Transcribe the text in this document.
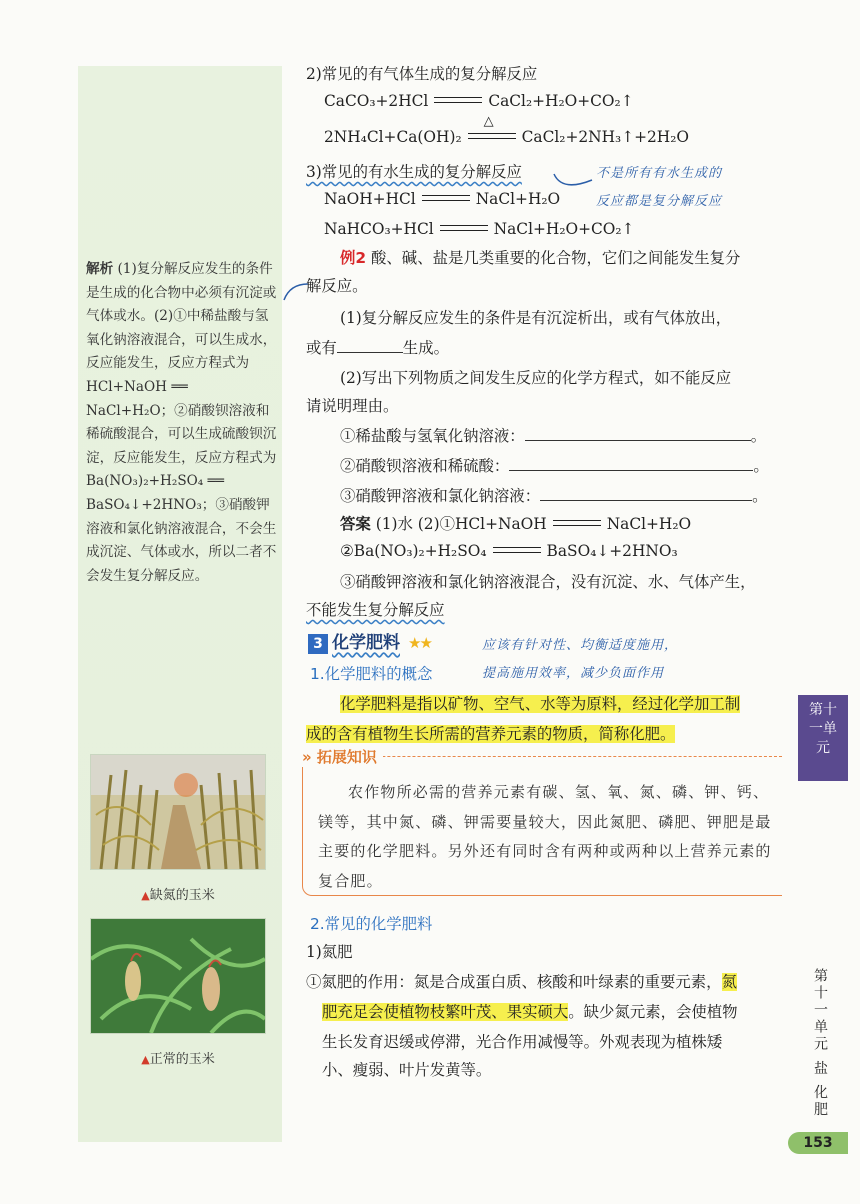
解析 (1)复分解反应发生的条件是生成的化合物中必须有沉淀或气体或水。(2)①中稀盐酸与氢氧化钠溶液混合，可以生成水，反应能发生，反应方程式为 HCl+NaOH ══ NaCl+H₂O；②硝酸钡溶液和稀硫酸混合，可以生成硫酸钡沉淀，反应能发生，反应方程式为 Ba(NO₃)₂+H₂SO₄ ══ BaSO₄↓+2HNO₃；③硝酸钾溶液和氯化钠溶液混合，不会生成沉淀、气体或水，所以二者不会发生复分解反应。
▲缺氮的玉米
▲正常的玉米
2)常见的有气体生成的复分解反应
CaCO₃+2HCl	CaCl₂+H₂O+CO₂↑
2NH₄Cl+Ca(OH)₂
△
CaCl₂+2NH₃↑+2H₂O
3)常见的有水生成的复分解反应	不是所有有水生成的
反应都是复分解反应
NaOH+HCl	NaCl+H₂O
NaHCO₃+HCl	NaCl+H₂O+CO₂↑
例2 酸、碱、盐是几类重要的化合物，它们之间能发生复分
解反应。
(1)复分解反应发生的条件是有沉淀析出，或有气体放出，
或有	生成。
(2)写出下列物质之间发生反应的化学方程式，如不能反应
请说明理由。
①稀盐酸与氢氧化钠溶液：	。
②硝酸钡溶液和稀硫酸：	。
③硝酸钾溶液和氯化钠溶液：	。
答案 (1)水 (2)①HCl+NaOH	NaCl+H₂O
②Ba(NO₃)₂+H₂SO₄	BaSO₄↓+2HNO₃
③硝酸钾溶液和氯化钠溶液混合，没有沉淀、水、气体产生，
不能发生复分解反应
3 化学肥料 ★★	应该有针对性、均衡适度施用，
提高施用效率，减少负面作用
1.化学肥料的概念
化学肥料是指以矿物、空气、水等为原料，经过化学加工制
成的含有植物生长所需的营养元素的物质，简称化肥。
» 拓展知识
农作物所必需的营养元素有碳、氢、氧、氮、磷、钾、钙、镁等，其中氮、磷、钾需要量较大，因此氮肥、磷肥、钾肥是最主要的化学肥料。另外还有同时含有两种或两种以上营养元素的复合肥。
2.常见的化学肥料
1)氮肥
①氮肥的作用：氮是合成蛋白质、核酸和叶绿素的重要元素，氮
肥充足会使植物枝繁叶茂、果实硕大。缺少氮元素，会使植物
生长发育迟缓或停滞，光合作用减慢等。外观表现为植株矮
小、瘦弱、叶片发黄等。
第十
一单
元
第十一单元 盐 化肥
153
